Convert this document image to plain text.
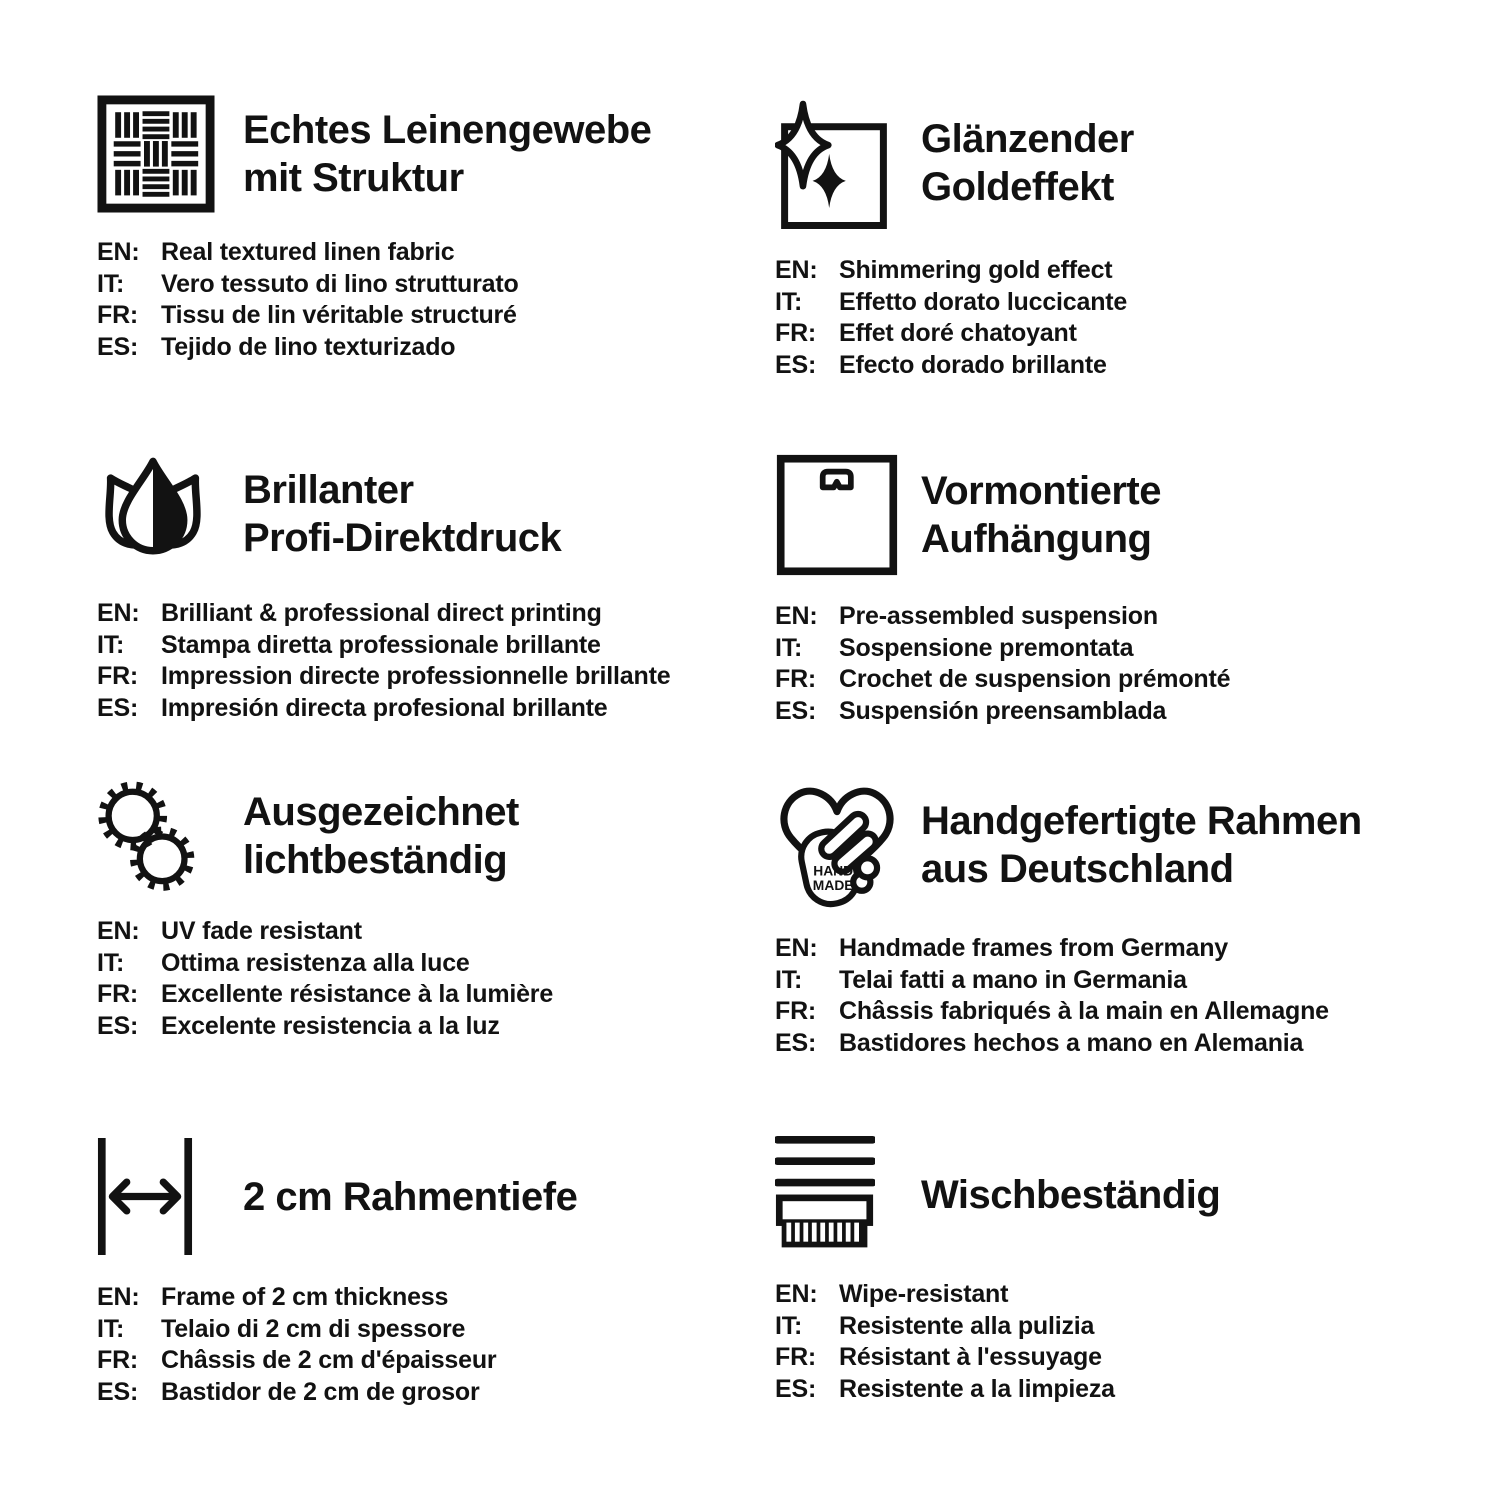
Echtes Leinengewebe
mit Struktur
EN: Real textured linen fabric
IT:	Vero tessuto di lino strutturato
FR: Tissu de lin véritable structuré
ES: Tejido de lino texturizado
Glänzender
Goldeffekt
EN: Shimmering gold effect
IT:	Effetto dorato luccicante
FR: Effet doré chatoyant
ES: Efecto dorado brillante
Brillanter
Profi-Direktdruck
EN: Brilliant & professional direct printing
IT:	Stampa diretta professionale brillante
FR: Impression directe professionnelle brillante
ES: Impresión directa profesional brillante
Vormontierte
Aufhängung
EN: Pre-assembled suspension
IT:	Sospensione premontata
FR: Crochet de suspension prémonté
ES: Suspensión preensamblada
Ausgezeichnet
lichtbeständig
EN: UV fade resistant
IT:	Ottima resistenza alla luce
FR: Excellente résistance à la lumière
ES: Excelente resistencia a la luz
HAND
MADE
Handgefertigte Rahmen
aus Deutschland
EN: Handmade frames from Germany
IT:	Telai fatti a mano in Germania
FR: Châssis fabriqués à la main en Allemagne
ES: Bastidores hechos a mano en Alemania
2 cm Rahmentiefe
EN: Frame of 2 cm thickness
IT:	Telaio di 2 cm di spessore
FR: Châssis de 2 cm d'épaisseur
ES: Bastidor de 2 cm de grosor
Wischbeständig
EN: Wipe-resistant
IT:	Resistente alla pulizia
FR: Résistant à l'essuyage
ES: Resistente a la limpieza
